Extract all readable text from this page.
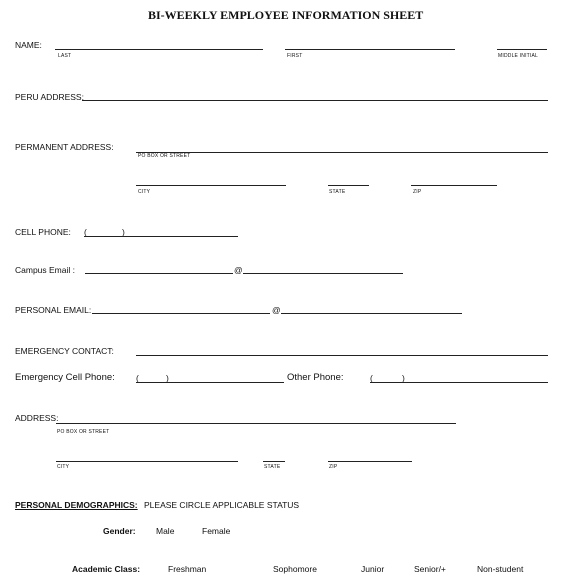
BI-WEEKLY EMPLOYEE INFORMATION SHEET
NAME:
LAST	FIRST	MIDDLE INITIAL
PERU ADDRESS:
PERMANENT ADDRESS:
PO BOX OR STREET
CITY	STATE	ZIP
CELL PHONE: (	)
Campus Email :	@
PERSONAL EMAIL:	@
EMERGENCY CONTACT:
Emergency Cell Phone: (	)	Other Phone:	(	)
ADDRESS:
PO BOX OR STREET
CITY	STATE	ZIP
PERSONAL DEMOGRAPHICS: PLEASE CIRCLE APPLICABLE STATUS
Gender: Male	Female
Academic Class:	Freshman	Sophomore	Junior	Senior/+	Non-student
